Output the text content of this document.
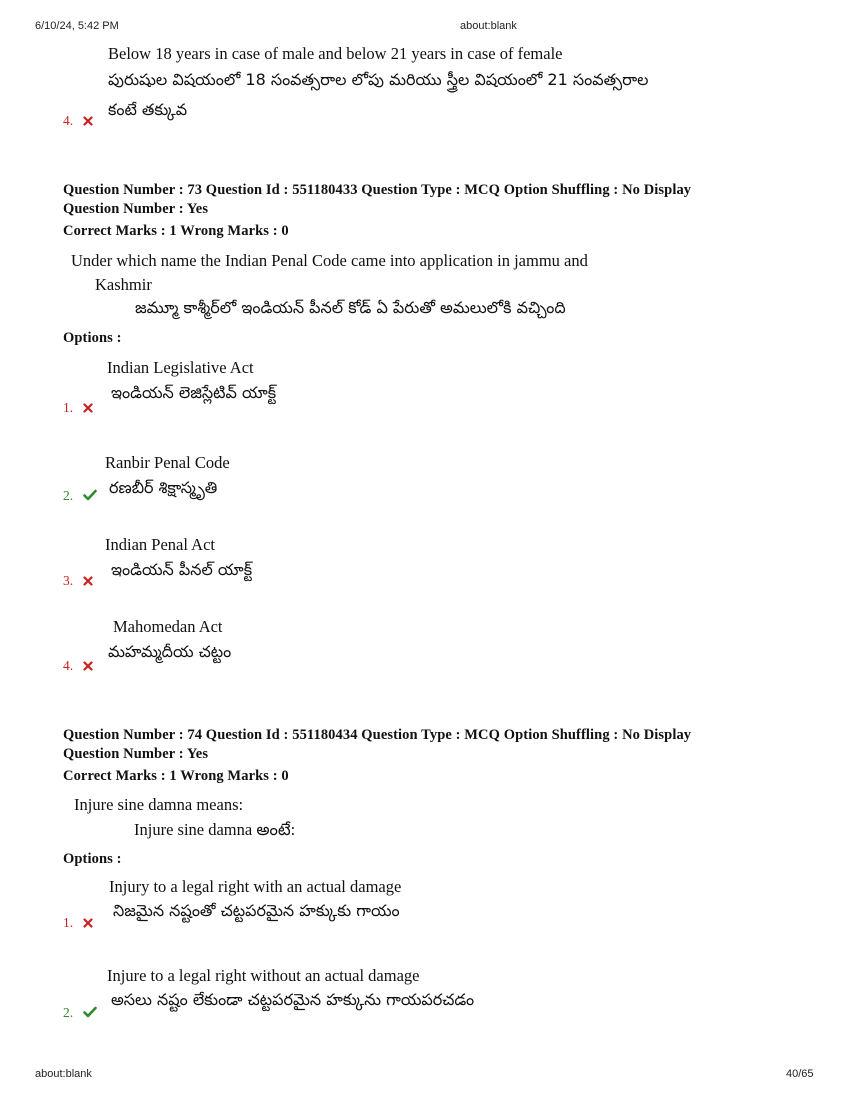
6/10/24, 5:42 PM	about:blank
Below 18 years in case of male and below 21 years in case of female
పురుషుల విషయంలో 18 సంవత్సరాల లోపు మరియు స్త్రీల విషయంలో 21 సంవత్సరాల
కంటే తక్కువ
4.
Question Number : 73 Question Id : 551180433 Question Type : MCQ Option Shuffling : No Display
Question Number : Yes
Correct Marks : 1 Wrong Marks : 0
Under which name the Indian Penal Code came into application in jammu and
Kashmir
జమ్మూ కాశ్మీర్‌లో ఇండియన్ పీనల్ కోడ్ ఏ పేరుతో అమలులోకి వచ్చింది
Options :
Indian Legislative Act
ఇండియన్ లెజిస్లేటివ్ యాక్ట్
1.
Ranbir Penal Code
రణబీర్ శిక్షాస్మృతి
2.
Indian Penal Act
ఇండియన్ పీనల్ యాక్ట్
3.
Mahomedan Act
మహమ్మదీయ చట్టం
4.
Question Number : 74 Question Id : 551180434 Question Type : MCQ Option Shuffling : No Display
Question Number : Yes
Correct Marks : 1 Wrong Marks : 0
Injure sine damna means:
Injure sine damna అంటే:
Options :
Injury to a legal right with an actual damage
నిజమైన నష్టంతో చట్టపరమైన హక్కుకు గాయం
1.
Injure to a legal right without an actual damage
అసలు నష్టం లేకుండా చట్టపరమైన హక్కును గాయపరచడం
2.
about:blank	40/65
